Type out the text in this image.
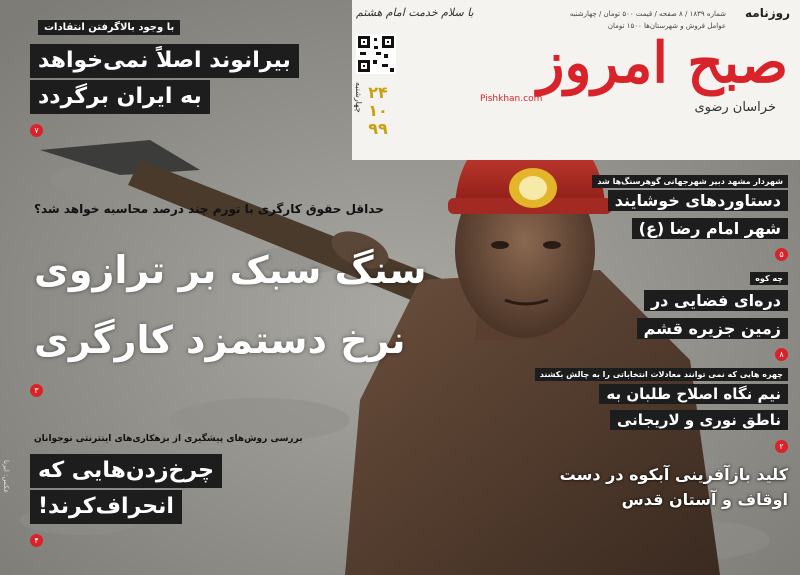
روزنامه
شماره ۱۸۳۹ / ۸ صفحه / قیمت ۵۰۰ تومان / چهارشنبه
عوامل فروش و شهرستان‌ها ۱۵۰۰ تومان
صبح امروز
Pishkhan.com
خراسان رضوی
با سلام خدمت امام هشتم
۲۴
۱۰
۹۹
چهارشنبه
با وجود بالاگرفتن انتقادات
بیرانوند اصلاً نمی‌خواهد
به ایران برگردد
۷
حداقل حقوق کارگری با تورم چند درصد محاسبه خواهد شد؟
سنگ سبک بر ترازوی
نرخ دستمزد کارگری
۳
بررسی روش‌های پیشگیری از بزهکاری‌های اینترنتی نوجوانان
چرخ‌زدن‌هایی که
انحراف‌کرند!
۴
شهردار مشهد دبیر شهرجهانی گوهرسنگ‌ها شد
دستاوردهای خوشایند
شهر امام رضا (ع)
۵
چه کوه
دره‌ای فضایی در
زمین جزیره قشم
۸
چهره هایی که نمی توانند معادلات انتخاباتی را به چالش بکشند
نیم نگاه اصلاح طلبان به
ناطق نوری و لاریجانی
۲
کلید بازآفرینی آبکوه در دست
اوقاف و آستان قدس
عکس: ایرنا
